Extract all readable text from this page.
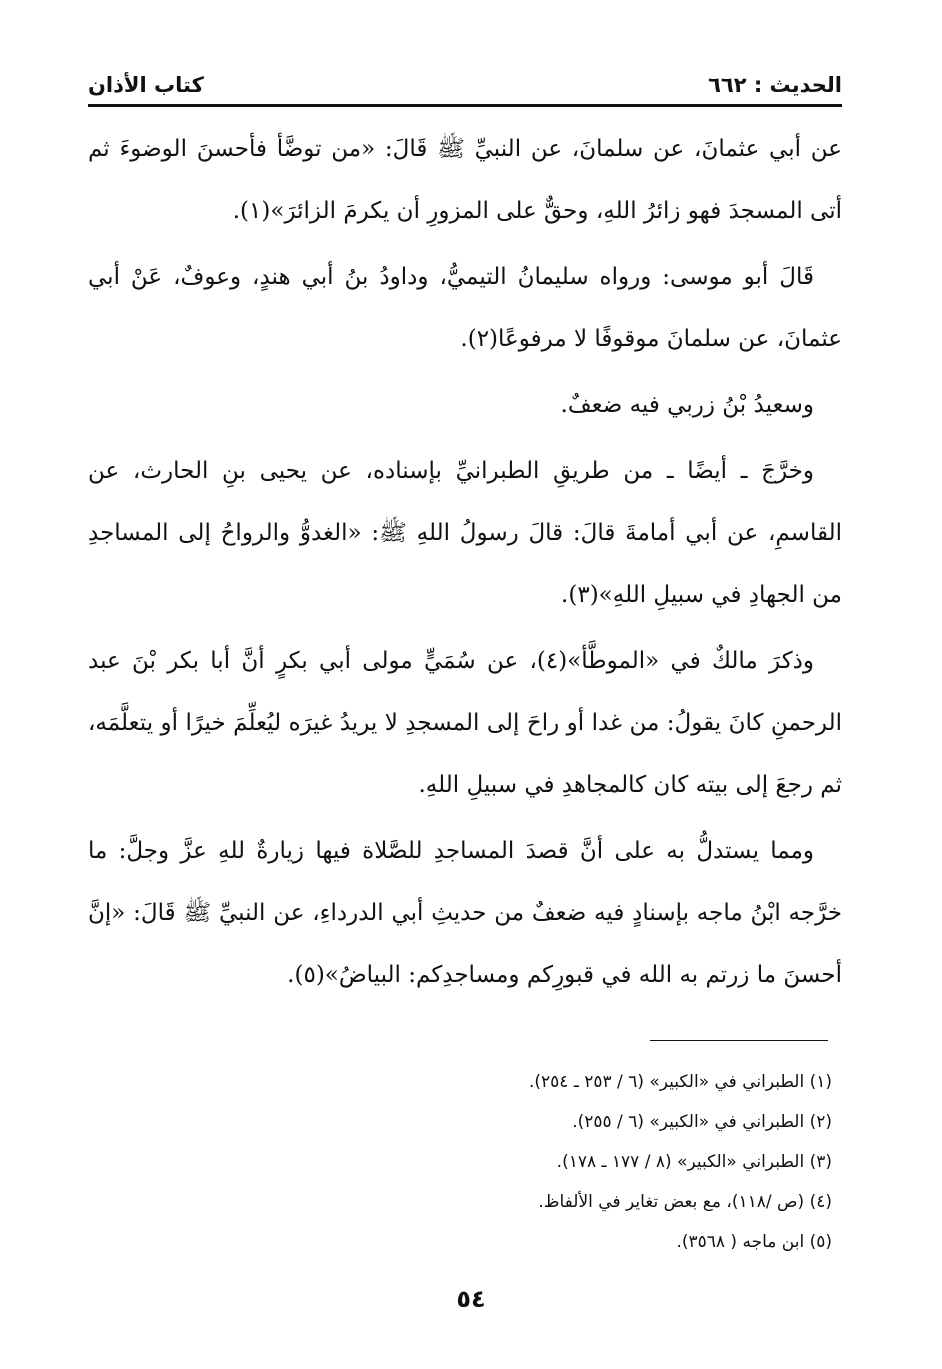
الحديث : ٦٦٢
كتاب الأذان

عن أبي عثمانَ، عن سلمانَ، عن النبيِّ ﷺ قَالَ: «من توضَّأ فأحسنَ الوضوءَ ثم أتى المسجدَ فهو زائرُ اللهِ، وحقٌّ على المزورِ أن يكرمَ الزائرَ»(١).

قَالَ أبو موسى: ورواه سليمانُ التيميُّ، وداودُ بنُ أبي هندٍ، وعوفٌ، عَنْ أبي عثمانَ، عن سلمانَ موقوفًا لا مرفوعًا(٢).

وسعيدُ بْنُ زربي فيه ضعفٌ.

وخرَّجَ ـ أيضًا ـ من طريقِ الطبرانيِّ بإسناده، عن يحيى بنِ الحارث، عن القاسمِ، عن أبي أمامةَ قالَ: قالَ رسولُ اللهِ ﷺ: «الغدوُّ والرواحُ إلى المساجدِ من الجهادِ في سبيلِ اللهِ»(٣).

وذكرَ مالكٌ في «الموطَّأ»(٤)، عن سُمَيٍّ مولى أبي بكرٍ أنَّ أبا بكر بْنَ عبد الرحمنِ كانَ يقولُ: من غدا أو راحَ إلى المسجدِ لا يريدُ غيرَه ليُعلِّمَ خيرًا أو يتعلَّمَه، ثم رجعَ إلى بيته كان كالمجاهدِ في سبيلِ اللهِ.

ومما يستدلُّ به على أنَّ قصدَ المساجدِ للصَّلاة فيها زيارةٌ للهِ عزَّ وجلَّ: ما خرَّجه ابْنُ ماجه بإسنادٍ فيه ضعفٌ من حديثِ أبي الدرداءِ، عن النبيِّ ﷺ قَالَ: «إنَّ أحسنَ ما زرتم به الله في قبورِكم ومساجدِكم: البياضُ»(٥).

(١) الطبراني في «الكبير» (٦ / ٢٥٣ ـ ٢٥٤).
(٢) الطبراني في «الكبير» (٦ / ٢٥٥).
(٣) الطبراني «الكبير» (٨ / ١٧٧ ـ ١٧٨).
(٤) (ص /١١٨)، مع بعض تغاير في الألفاظ.
(٥) ابن ماجه ( ٣٥٦٨).
٥٤
